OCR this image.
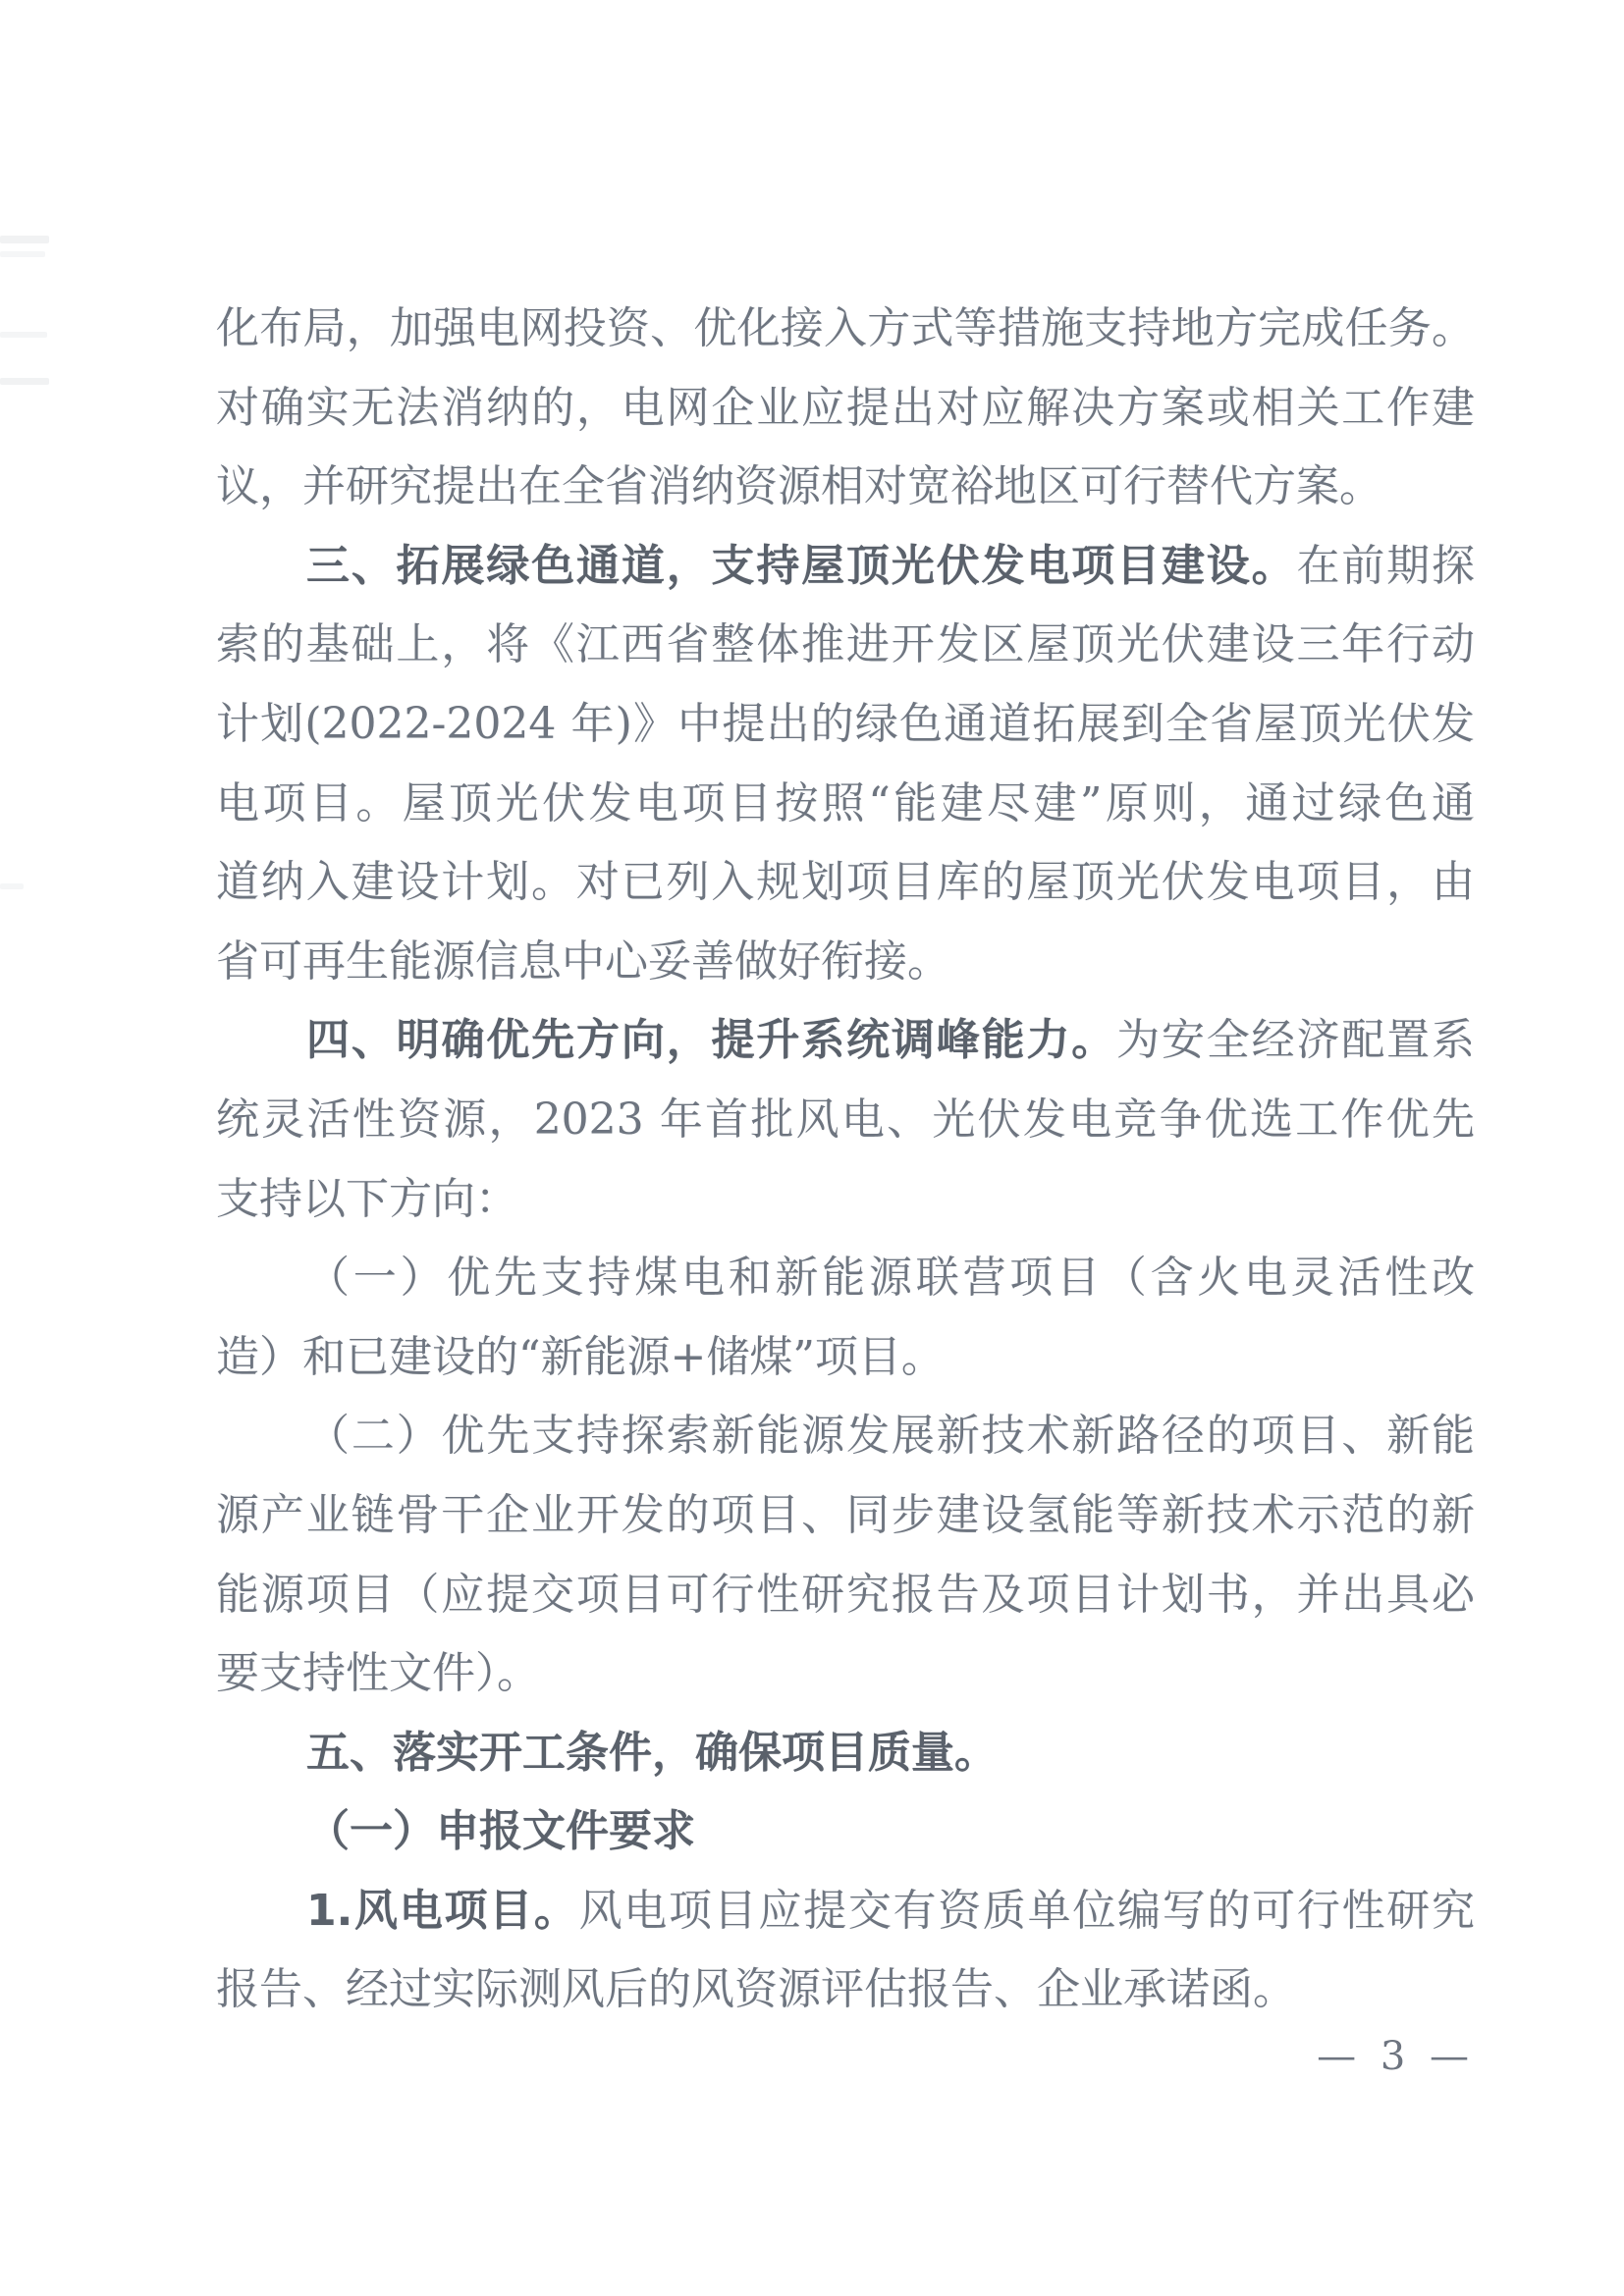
化布局，加强电网投资、优化接入方式等措施支持地方完成任务。
对确实无法消纳的，电网企业应提出对应解决方案或相关工作建
议，并研究提出在全省消纳资源相对宽裕地区可行替代方案。
三、拓展绿色通道，支持屋顶光伏发电项目建设。在前期探
索的基础上，将《江西省整体推进开发区屋顶光伏建设三年行动
计划(2022-2024 年)》中提出的绿色通道拓展到全省屋顶光伏发
电项目。屋顶光伏发电项目按照“能建尽建”原则，通过绿色通
道纳入建设计划。对已列入规划项目库的屋顶光伏发电项目，由
省可再生能源信息中心妥善做好衔接。
四、明确优先方向，提升系统调峰能力。为安全经济配置系
统灵活性资源，2023 年首批风电、光伏发电竞争优选工作优先
支持以下方向：
（一）优先支持煤电和新能源联营项目（含火电灵活性改
造）和已建设的“新能源+储煤”项目。
（二）优先支持探索新能源发展新技术新路径的项目、新能
源产业链骨干企业开发的项目、同步建设氢能等新技术示范的新
能源项目（应提交项目可行性研究报告及项目计划书，并出具必
要支持性文件）。
五、落实开工条件，确保项目质量。
（一）申报文件要求
1.风电项目。风电项目应提交有资质单位编写的可行性研究
报告、经过实际测风后的风资源评估报告、企业承诺函。
— 3 —
